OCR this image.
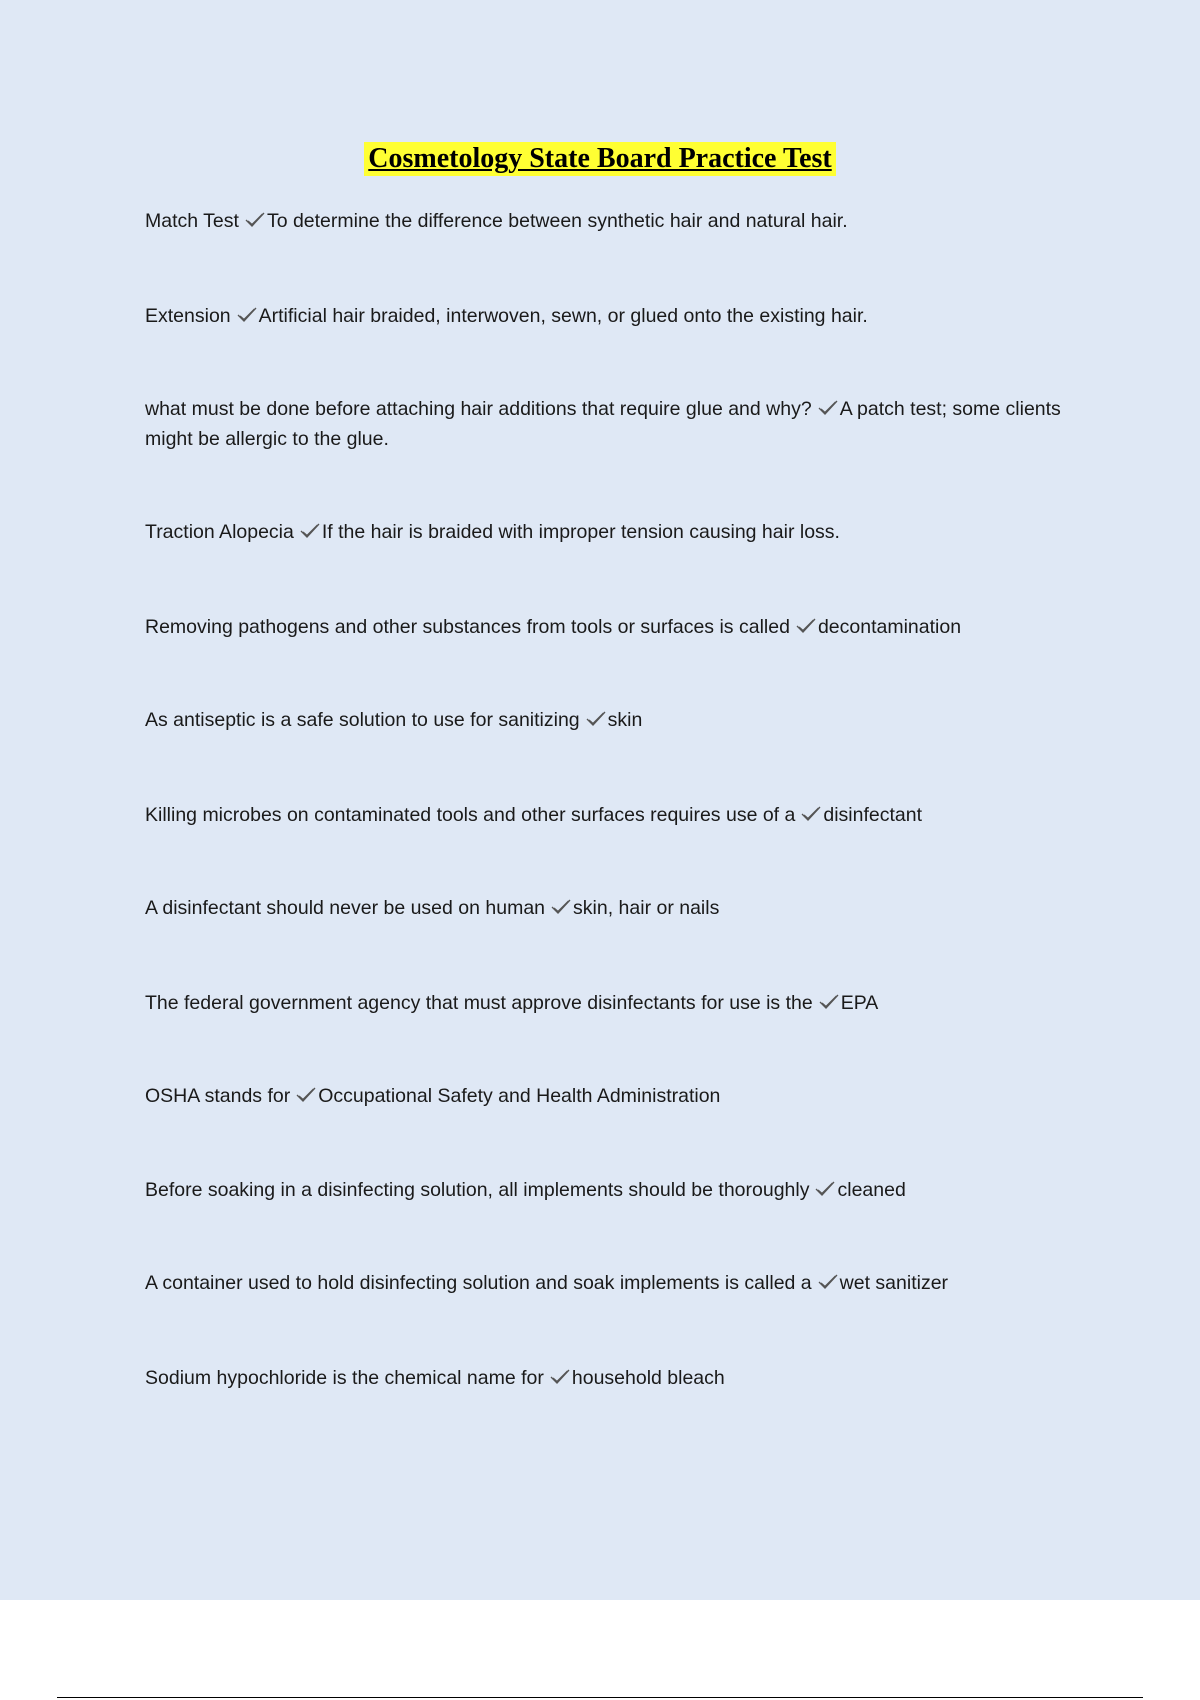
Cosmetology State Board Practice Test
Match Test To determine the difference between synthetic hair and natural hair.
Extension Artificial hair braided, interwoven, sewn, or glued onto the existing hair.
what must be done before attaching hair additions that require glue and why? A patch test; some clients might be allergic to the glue.
Traction Alopecia If the hair is braided with improper tension causing hair loss.
Removing pathogens and other substances from tools or surfaces is called decontamination
As antiseptic is a safe solution to use for sanitizing skin
Killing microbes on contaminated tools and other surfaces requires use of a disinfectant
A disinfectant should never be used on human skin, hair or nails
The federal government agency that must approve disinfectants for use is the EPA
OSHA stands for Occupational Safety and Health Administration
Before soaking in a disinfecting solution, all implements should be thoroughly cleaned
A container used to hold disinfecting solution and soak implements is called a wet sanitizer
Sodium hypochloride is the chemical name for household bleach
